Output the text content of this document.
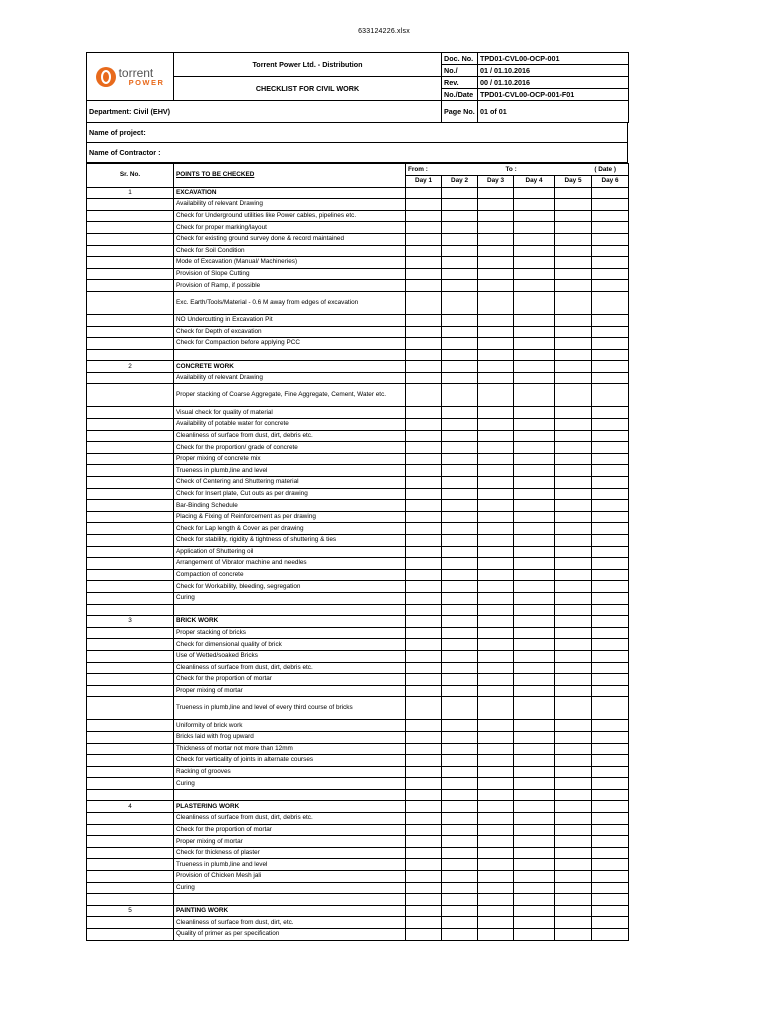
633124226.xlsx
torrent
POWER	Torrent Power Ltd. - Distribution	Doc. No.	TPD01-CVL00-OCP-001
		No./	01 / 01.10.2016
	CHECKLIST FOR CIVIL WORK	Rev.	00 / 01.10.2016
		No./Date	TPD01-CVL00-OCP-001-F01
Department: Civil (EHV)		Page No.	01 of 01
Name of project:
Name of Contractor :
Sr. No.	POINTS TO BE CHECKED	From : To : ( Date )					

		Day 1	Day 2	Day 3	Day 4	Day 5	Day 6
1	EXCAVATION						
	Availability of relevant Drawing						
	Check for Underground utilities like Power cables, pipelines etc.						
	Check for proper marking/layout						
	Check for existing ground survey done & record maintained						
	Check for Soil Condition						
	Mode of Excavation (Manual/ Machineries)						
	Provision of Slope Cutting						
	Provision of Ramp, if possible						
	Exc. Earth/Tools/Material - 0.6 M away from edges of excavation						
	NO Undercutting in Excavation Pit						
	Check for Depth of excavation						
	Check for Compaction before applying PCC						

2	CONCRETE WORK						
	Availability of relevant Drawing						
	Proper stacking of Coarse Aggregate, Fine Aggregate, Cement, Water etc.						
	Visual check for quality of material						
	Availability of potable water for concrete						
	Cleanliness of surface from dust, dirt, debris etc.						
	Check for the proportion/ grade of concrete						
	Proper mixing of concrete mix						
	Trueness in plumb,line and level						
	Check of Centering and Shuttering material						
	Check for Insert plate, Cut outs as per drawing						
	Bar-Binding Schedule						
	Placing & Fixing of Reinforcement as per drawing						
	Check for Lap length & Cover as per drawing						
	Check for stability, rigidity & tightness of shuttering & ties						
	Application of Shuttering oil						
	Arrangement of Vibrator machine and needles						
	Compaction of concrete						
	Check for Workability, bleeding, segregation						
	Curing						

3	BRICK WORK						
	Proper stacking of bricks						
	Check for dimensional quality of brick						
	Use of Wetted/soaked Bricks						
	Cleanliness of surface from dust, dirt, debris etc.						
	Check for the proportion of mortar						
	Proper mixing of mortar						
	Trueness in plumb,line and level of every third course of bricks						
	Uniformity of brick work						
	Bricks laid with frog upward						
	Thickness of mortar not more than 12mm						
	Check for verticality of joints in alternate courses						
	Racking of grooves						
	Curing						

4	PLASTERING WORK						
	Cleanliness of surface from dust, dirt, debris etc.						
	Check for the proportion of mortar						
	Proper mixing of mortar						
	Check for thickness of plaster						
	Trueness in plumb,line and level						
	Provision of Chicken Mesh jali						
	Curing						

5	PAINTING WORK						
	Cleanliness of surface from dust, dirt, etc.						
	Quality of primer as per specification						
